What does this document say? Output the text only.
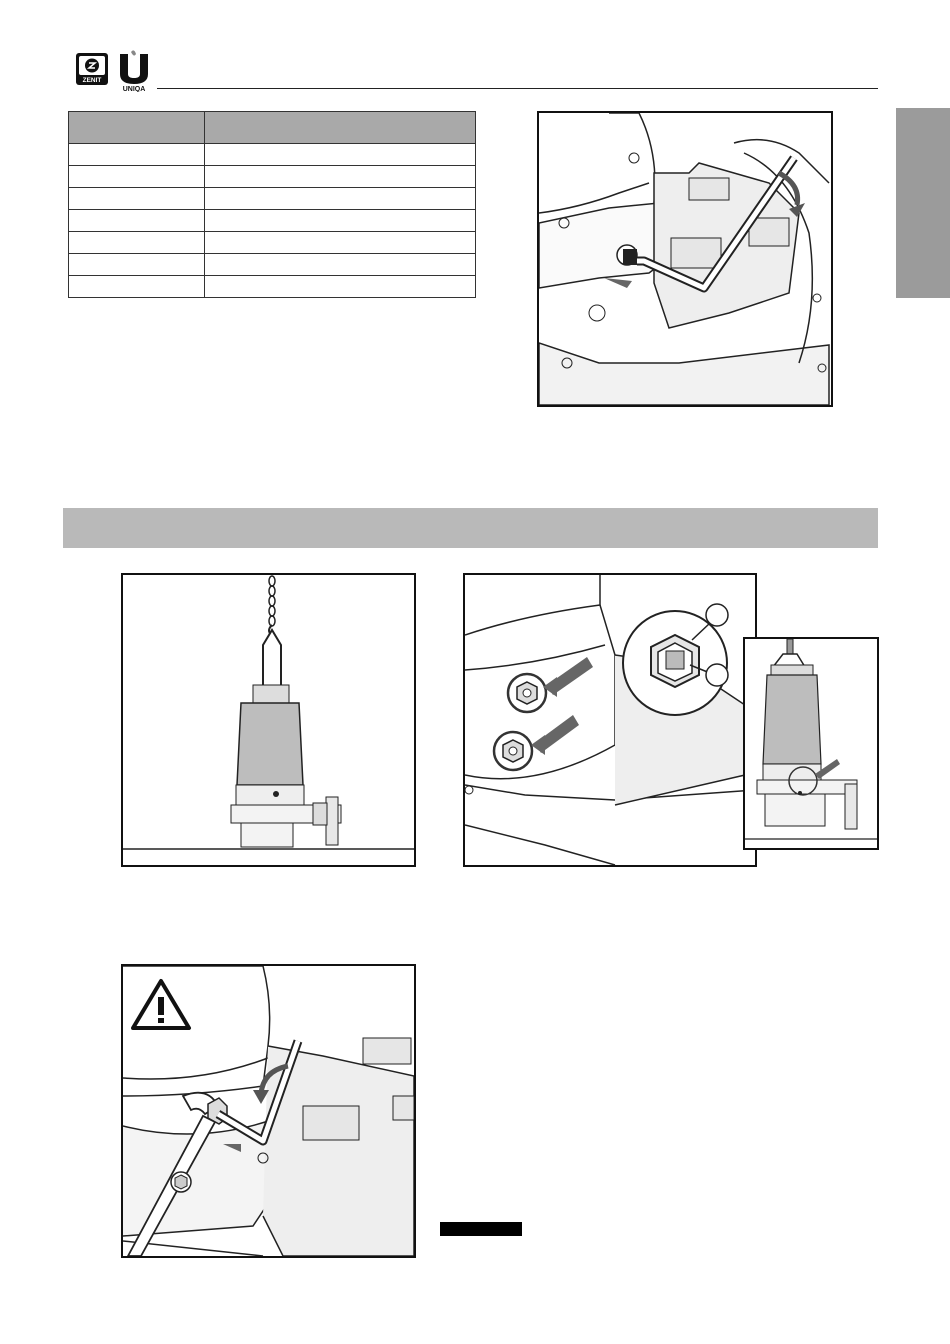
ZENIT
UNIQA
